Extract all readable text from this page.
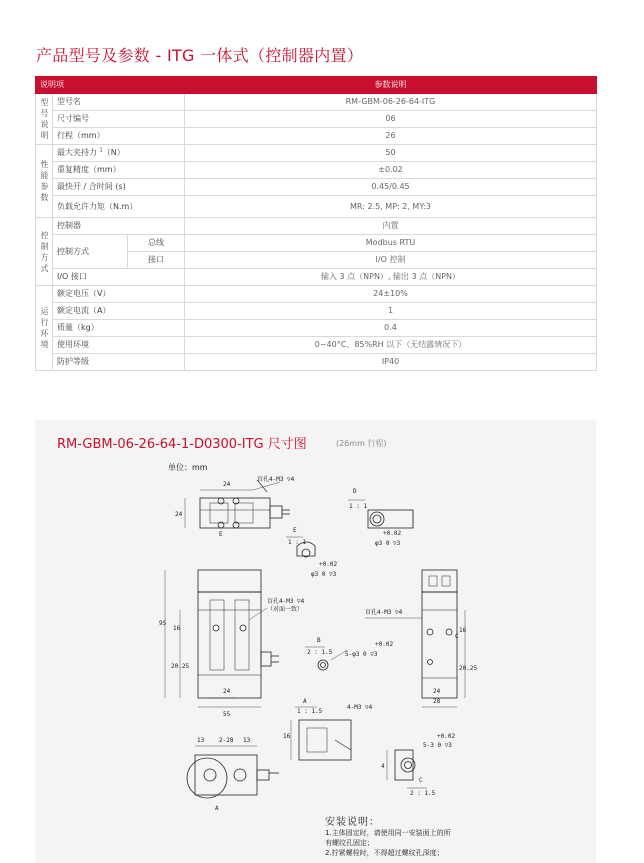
产品型号及参数 - ITG 一体式（控制器内置）
说明项			参数说明

型号说明	型号名		RM-GBM-06-26-64-ITG
	尺寸编号		06
	行程（mm）		26

性能参数	最大夹持力 $^1$（N）		50
	重复精度（mm）		±0.02
	最快开 / 合时间 (s)		0.45/0.45
	负载允许力矩（N.m）		MR: 2.5, MP: 2, MY:3

控制方式	控制器		内置
	控制方式	总线	Modbus RTU
		接口	I/O 控制
	I/O 接口		输入 3 点（NPN）, 输出 3 点（NPN）

运行环境	额定电压（V）		24±10%
	额定电流（A）		1
	质量（kg）		0.4
	使用环境		0~40°C、85%RH 以下（无结露情况下）
	防护等级		IP40
RM-GBM-06-26-64-1-D0300-ITG 尺寸图	(26mm 行程)
单位：mm
24
24
盲孔4-M3 ▽4
E
D
1 : 1
+0.02
φ3 0 ▽3
E
1 : 1
+0.02
φ3 0 ▽3
95
16
20.25
24
55
盲孔4-M3 ▽4
（对面一致）
B
2 : 1.5
+0.02
5-φ3 0 ▽3
盲孔4-M3 ▽4
16
20.25
24
28
C
A
1 : 1.5
4-M3 ▽4
16
13 2-28 13
A
4
C
2 : 1.5
+0.02
5-3 0 ▽3
安装说明：
1.主体固定时，请使用同一安装面上的所
有螺纹孔固定；
2.拧紧螺栓时，不得超过螺纹孔深度；
